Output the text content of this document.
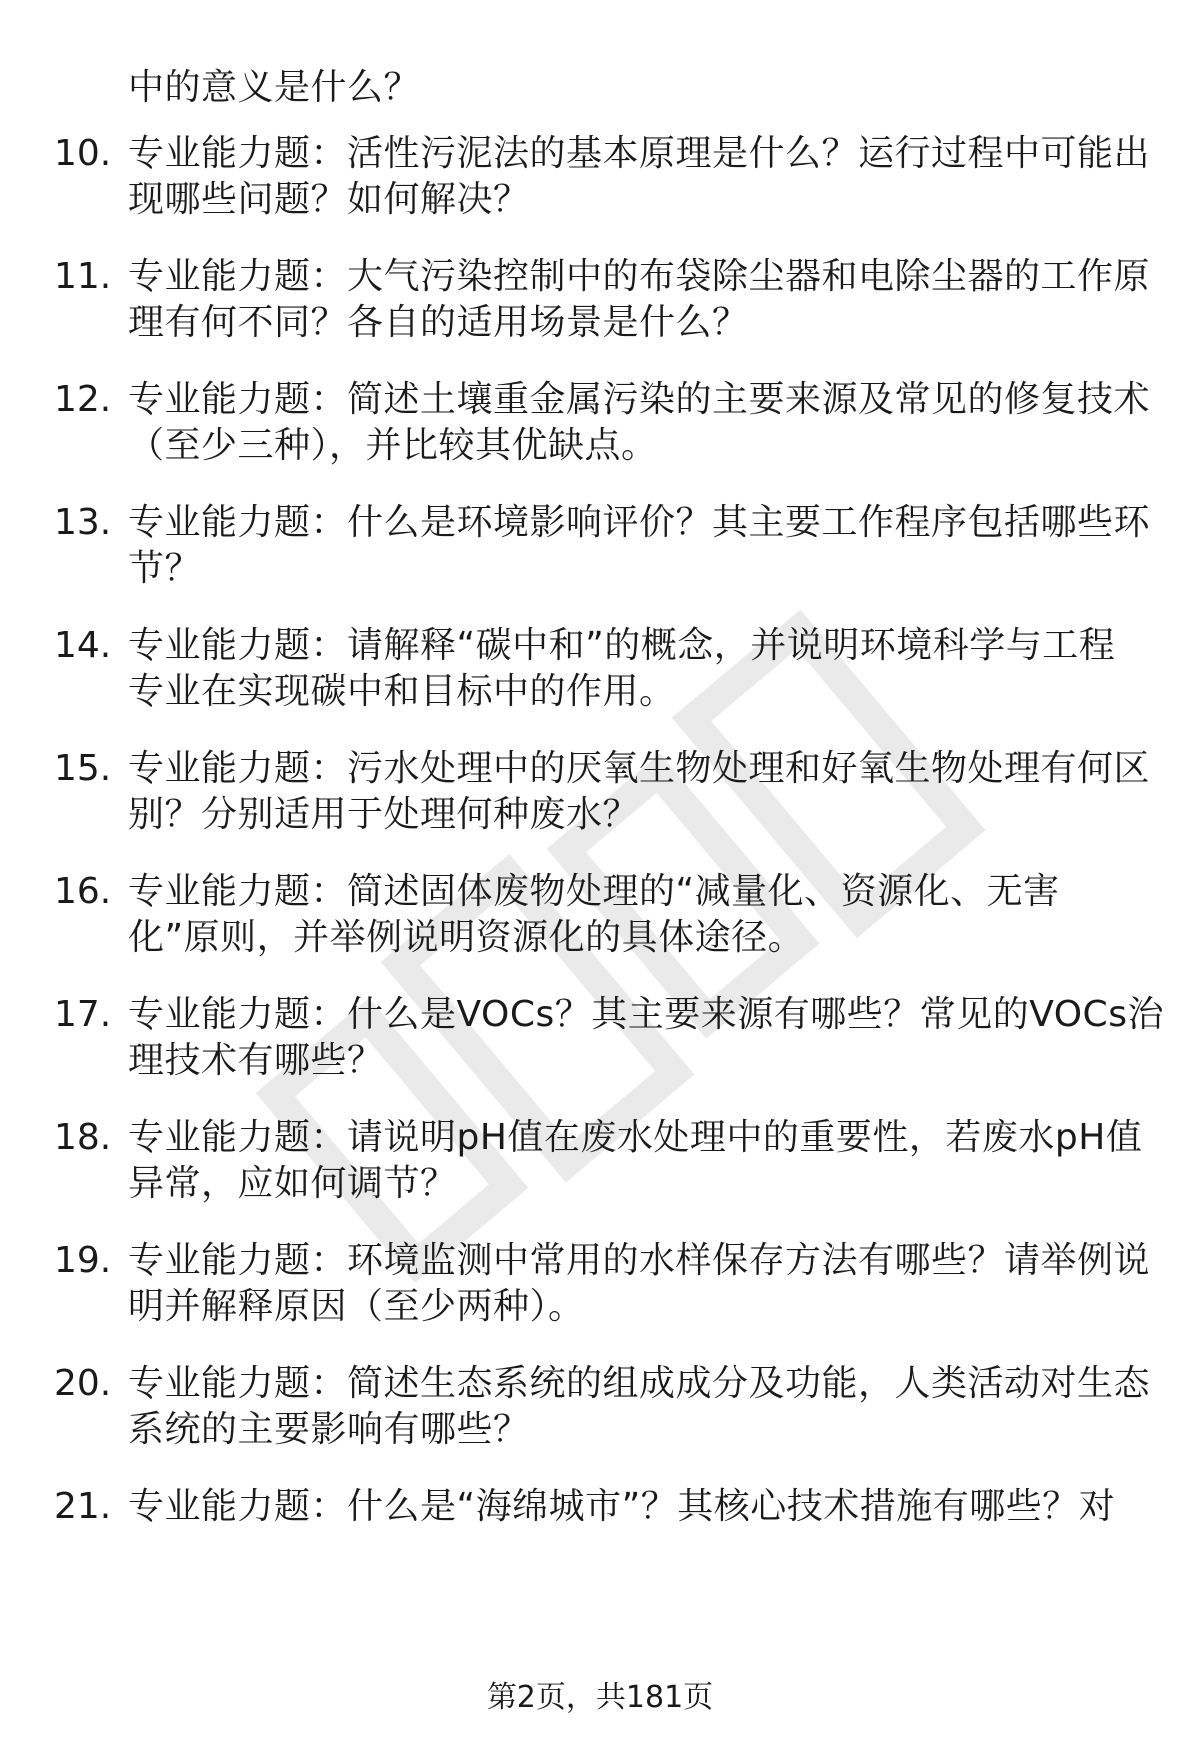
中的意义是什么？
10. 专业能力题：活性污泥法的基本原理是什么？运行过程中可能出
现哪些问题？如何解决？
11. 专业能力题：大气污染控制中的布袋除尘器和电除尘器的工作原
理有何不同？各自的适用场景是什么？
12. 专业能力题：简述土壤重金属污染的主要来源及常见的修复技术
（至少三种），并比较其优缺点。
13. 专业能力题：什么是环境影响评价？其主要工作程序包括哪些环
节？
14. 专业能力题：请解释“碳中和”的概念，并说明环境科学与工程
专业在实现碳中和目标中的作用。
15. 专业能力题：污水处理中的厌氧生物处理和好氧生物处理有何区
别？分别适用于处理何种废水？
16. 专业能力题：简述固体废物处理的“减量化、资源化、无害
化”原则，并举例说明资源化的具体途径。
17. 专业能力题：什么是VOCs？其主要来源有哪些？常见的VOCs治
理技术有哪些？
18. 专业能力题：请说明pH值在废水处理中的重要性，若废水pH值
异常，应如何调节？
19. 专业能力题：环境监测中常用的水样保存方法有哪些？请举例说
明并解释原因（至少两种）。
20. 专业能力题：简述生态系统的组成成分及功能，人类活动对生态
系统的主要影响有哪些？
21. 专业能力题：什么是“海绵城市”？其核心技术措施有哪些？对
第2页，共181页
